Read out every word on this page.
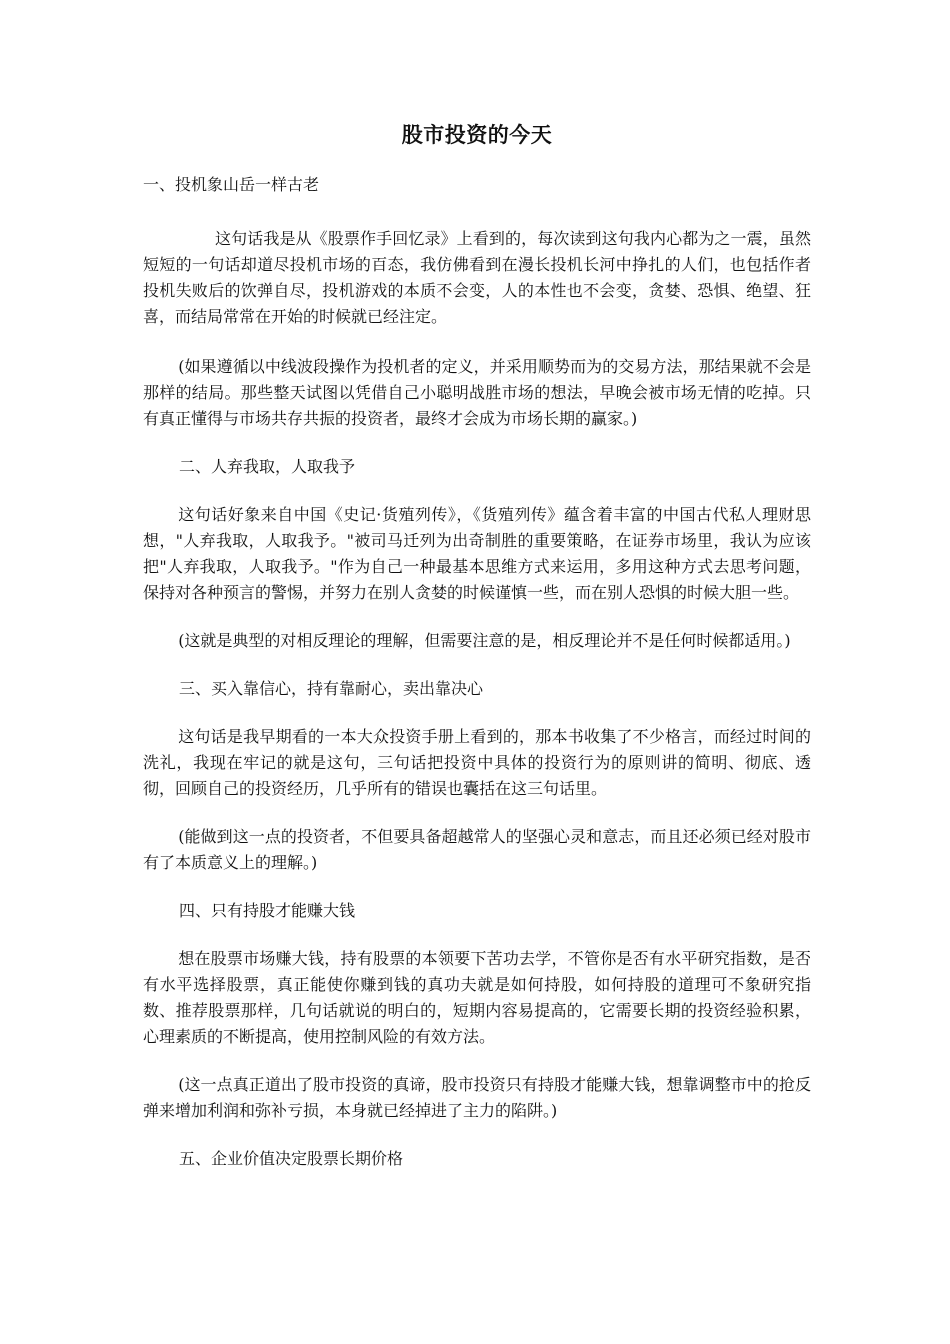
股市投资的今天
一、投机象山岳一样古老

这句话我是从《股票作手回忆录》上看到的，每次读到这句我内心都为之一震，虽然短短的一句话却道尽投机市场的百态，我仿佛看到在漫长投机长河中挣扎的人们，也包括作者投机失败后的饮弹自尽，投机游戏的本质不会变，人的本性也不会变，贪婪、恐惧、绝望、狂喜，而结局常常在开始的时候就已经注定。

(如果遵循以中线波段操作为投机者的定义，并采用顺势而为的交易方法，那结果就不会是那样的结局。那些整天试图以凭借自己小聪明战胜市场的想法，早晚会被市场无情的吃掉。只有真正懂得与市场共存共振的投资者，最终才会成为市场长期的赢家。)

二、人弃我取，人取我予

这句话好象来自中国《史记·货殖列传》，《货殖列传》蕴含着丰富的中国古代私人理财思想，"人弃我取，人取我予。"被司马迁列为出奇制胜的重要策略，在证券市场里，我认为应该把"人弃我取，人取我予。"作为自己一种最基本思维方式来运用，多用这种方式去思考问题，保持对各种预言的警惕，并努力在别人贪婪的时候谨慎一些，而在别人恐惧的时候大胆一些。

(这就是典型的对相反理论的理解，但需要注意的是，相反理论并不是任何时候都适用。)

三、买入靠信心，持有靠耐心，卖出靠决心

这句话是我早期看的一本大众投资手册上看到的，那本书收集了不少格言，而经过时间的洗礼，我现在牢记的就是这句，三句话把投资中具体的投资行为的原则讲的简明、彻底、透彻，回顾自己的投资经历，几乎所有的错误也囊括在这三句话里。

(能做到这一点的投资者，不但要具备超越常人的坚强心灵和意志，而且还必须已经对股市有了本质意义上的理解。)

四、只有持股才能赚大钱

想在股票市场赚大钱，持有股票的本领要下苦功去学，不管你是否有水平研究指数，是否有水平选择股票，真正能使你赚到钱的真功夫就是如何持股，如何持股的道理可不象研究指数、推荐股票那样，几句话就说的明白的，短期内容易提高的，它需要长期的投资经验积累，心理素质的不断提高，使用控制风险的有效方法。

(这一点真正道出了股市投资的真谛，股市投资只有持股才能赚大钱，想靠调整市中的抢反弹来增加利润和弥补亏损，本身就已经掉进了主力的陷阱。)

五、企业价值决定股票长期价格
